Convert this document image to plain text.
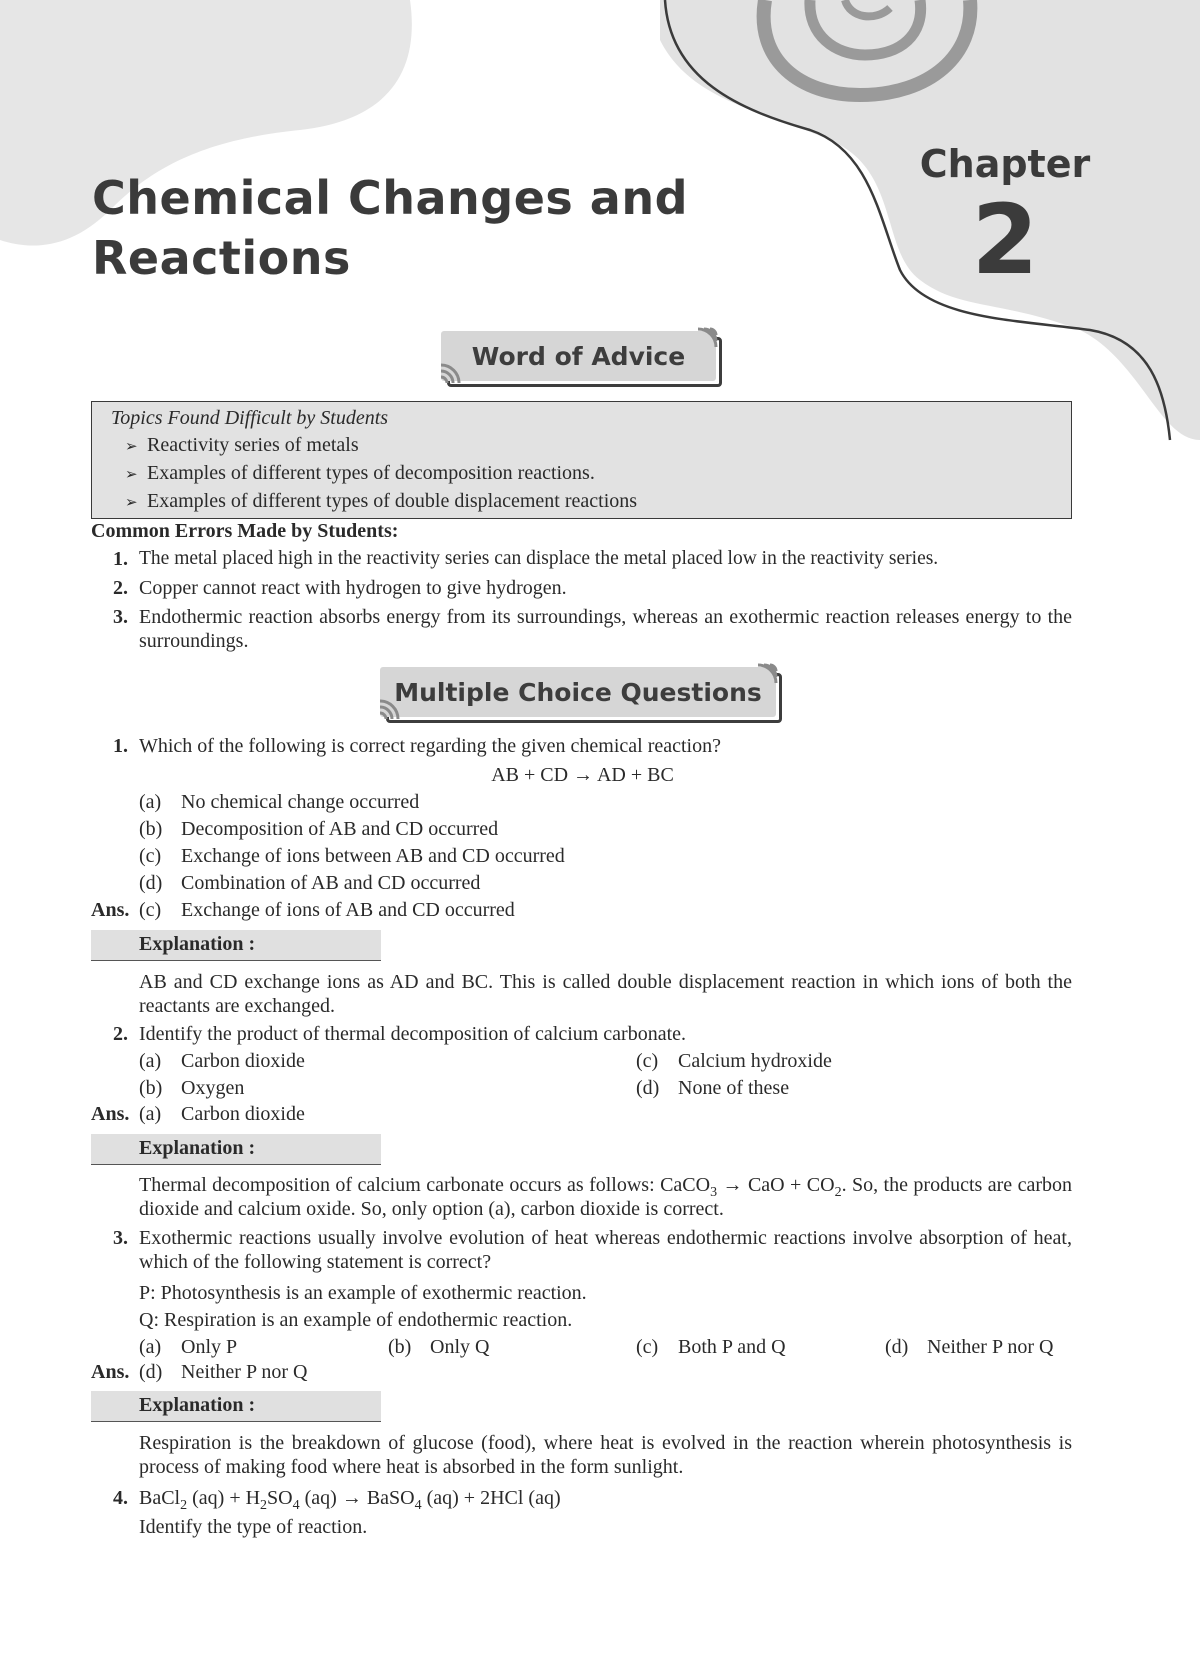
Chemical Changes and
Reactions
Chapter
2
Word of Advice
Topics Found Difficult by Students
➢ Reactivity series of metals
➢ Examples of different types of decomposition reactions.
➢ Examples of different types of double displacement reactions
Common Errors Made by Students:
1. The metal placed high in the reactivity series can displace the metal placed low in the reactivity series.
2. Copper cannot react with hydrogen to give hydrogen.
3. Endothermic reaction absorbs energy from its surroundings, whereas an exothermic reaction releases energy to the surroundings.
Multiple Choice Questions
1. Which of the following is correct regarding the given chemical reaction?
AB + CD → AD + BC
(a) No chemical change occurred
(b) Decomposition of AB and CD occurred
(c) Exchange of ions between AB and CD occurred
(d) Combination of AB and CD occurred
Ans. (c) Exchange of ions of AB and CD occurred
Explanation :
AB and CD exchange ions as AD and BC. This is called double displacement reaction in which ions of both the reactants are exchanged.
2. Identify the product of thermal decomposition of calcium carbonate.
(a) Carbon dioxide	(c) Calcium hydroxide
(b) Oxygen	(d) None of these
Ans. (a) Carbon dioxide
Explanation :
Thermal decomposition of calcium carbonate occurs as follows: CaCO$_3$ → CaO + $CO_2$. So, the products are carbon dioxide and calcium oxide. So, only option (a), carbon dioxide is correct.
3. Exothermic reactions usually involve evolution of heat whereas endothermic reactions involve absorption of heat, which of the following statement is correct?
P: Photosynthesis is an example of exothermic reaction.
Q: Respiration is an example of endothermic reaction.
(a) Only P	(b) Only Q	(c) Both P and Q	(d) Neither P nor Q
Ans. (d) Neither P nor Q
Explanation :
Respiration is the breakdown of glucose (food), where heat is evolved in the reaction wherein photosynthesis is process of making food where heat is absorbed in the form sunlight.
4. BaCl$_2$ $(aq) + H_2SO_4$ (aq) → BaSO$_4$ (aq) + 2HCl (aq)
Identify the type of reaction.
